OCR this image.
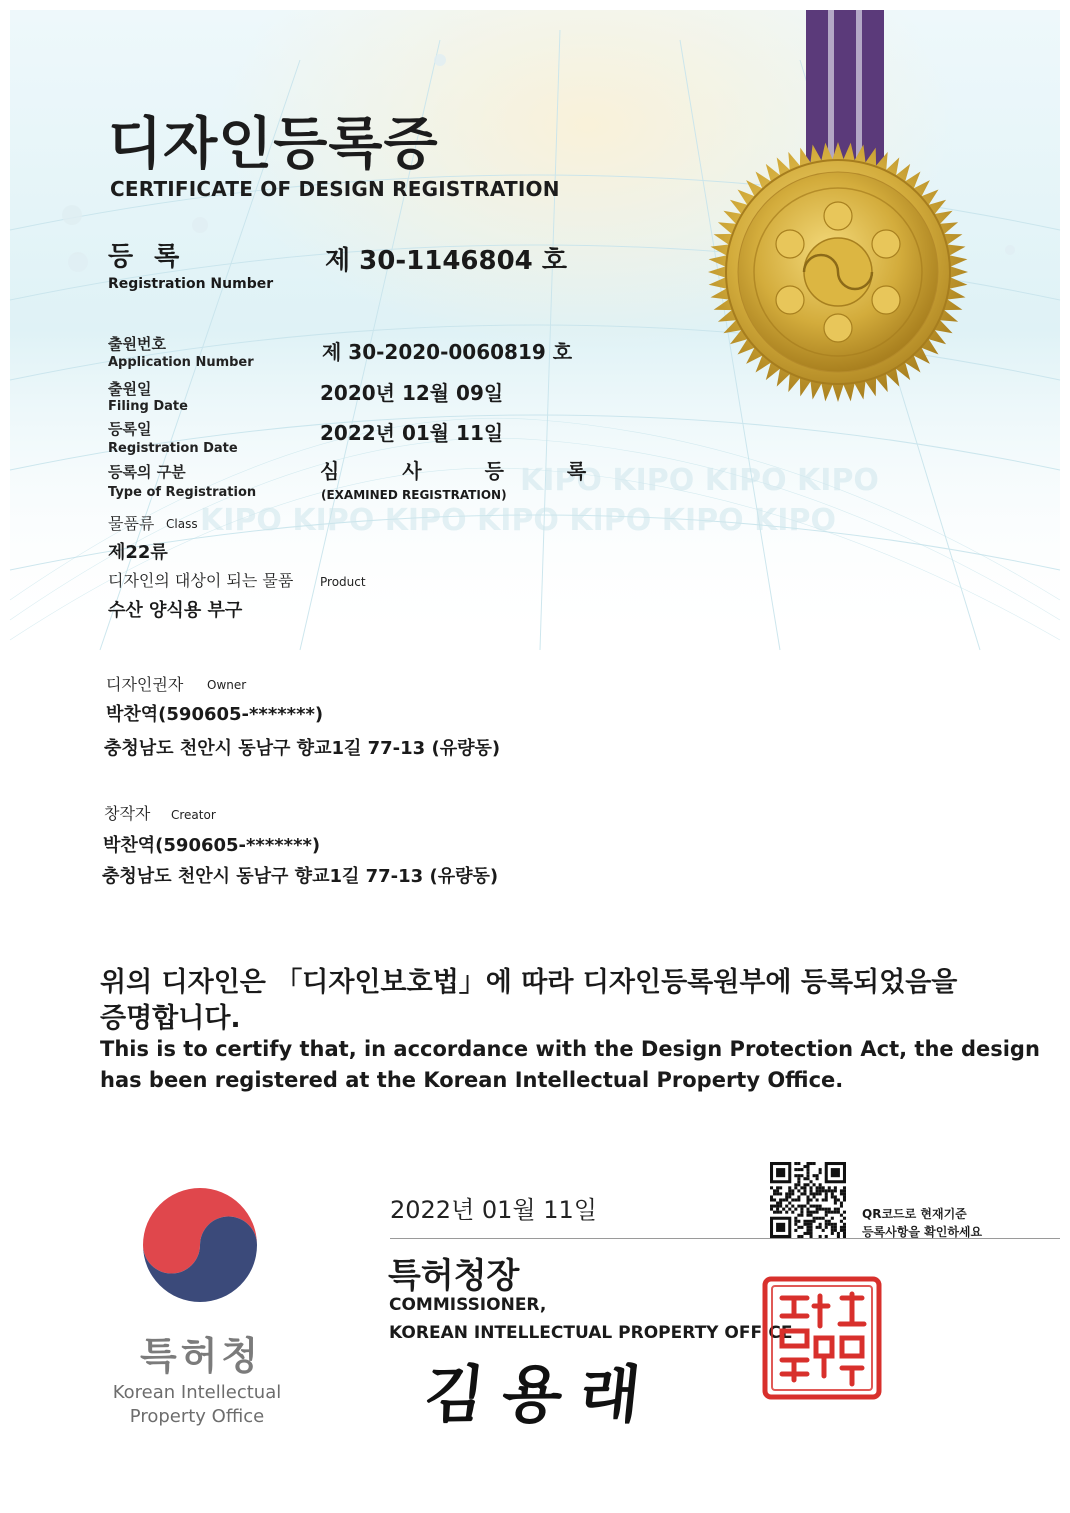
KIPO KIPO KIPO KIPO
KIPO KIPO KIPO KIPO KIPO KIPO KIPO
디자인등록증
CERTIFICATE OF DESIGN REGISTRATION
등 록
Registration Number
제 30-1146804 호
출원번호
Application Number	제 30-2020-0060819 호
출원일
Filing Date
2020년 12월 09일
등록일
Registration Date
2022년 01월 11일
등록의 구분
Type of Registration
심 사 등 록
(EXAMINED REGISTRATION)
물품류 Class
제22류
디자인의 대상이 되는 물품 Product
수산 양식용 부구
디자인권자 Owner
박찬역(590605-*******)
충청남도 천안시 동남구 향교1길 77-13 (유량동)
창작자 Creator
박찬역(590605-*******)
충청남도 천안시 동남구 향교1길 77-13 (유량동)
위의 디자인은 「디자인보호법」에 따라 디자인등록원부에 등록되었음을
증명합니다.
This is to certify that, in accordance with the Design Protection Act, the design
has been registered at the Korean Intellectual Property Office.
특허청
Korean Intellectual
Property Office
2022년 01월 11일
특허청장
COMMISSIONER,
KOREAN INTELLECTUAL PROPERTY OFFICE
김용래
QR코드로 현재기준
등록사항을 확인하세요
